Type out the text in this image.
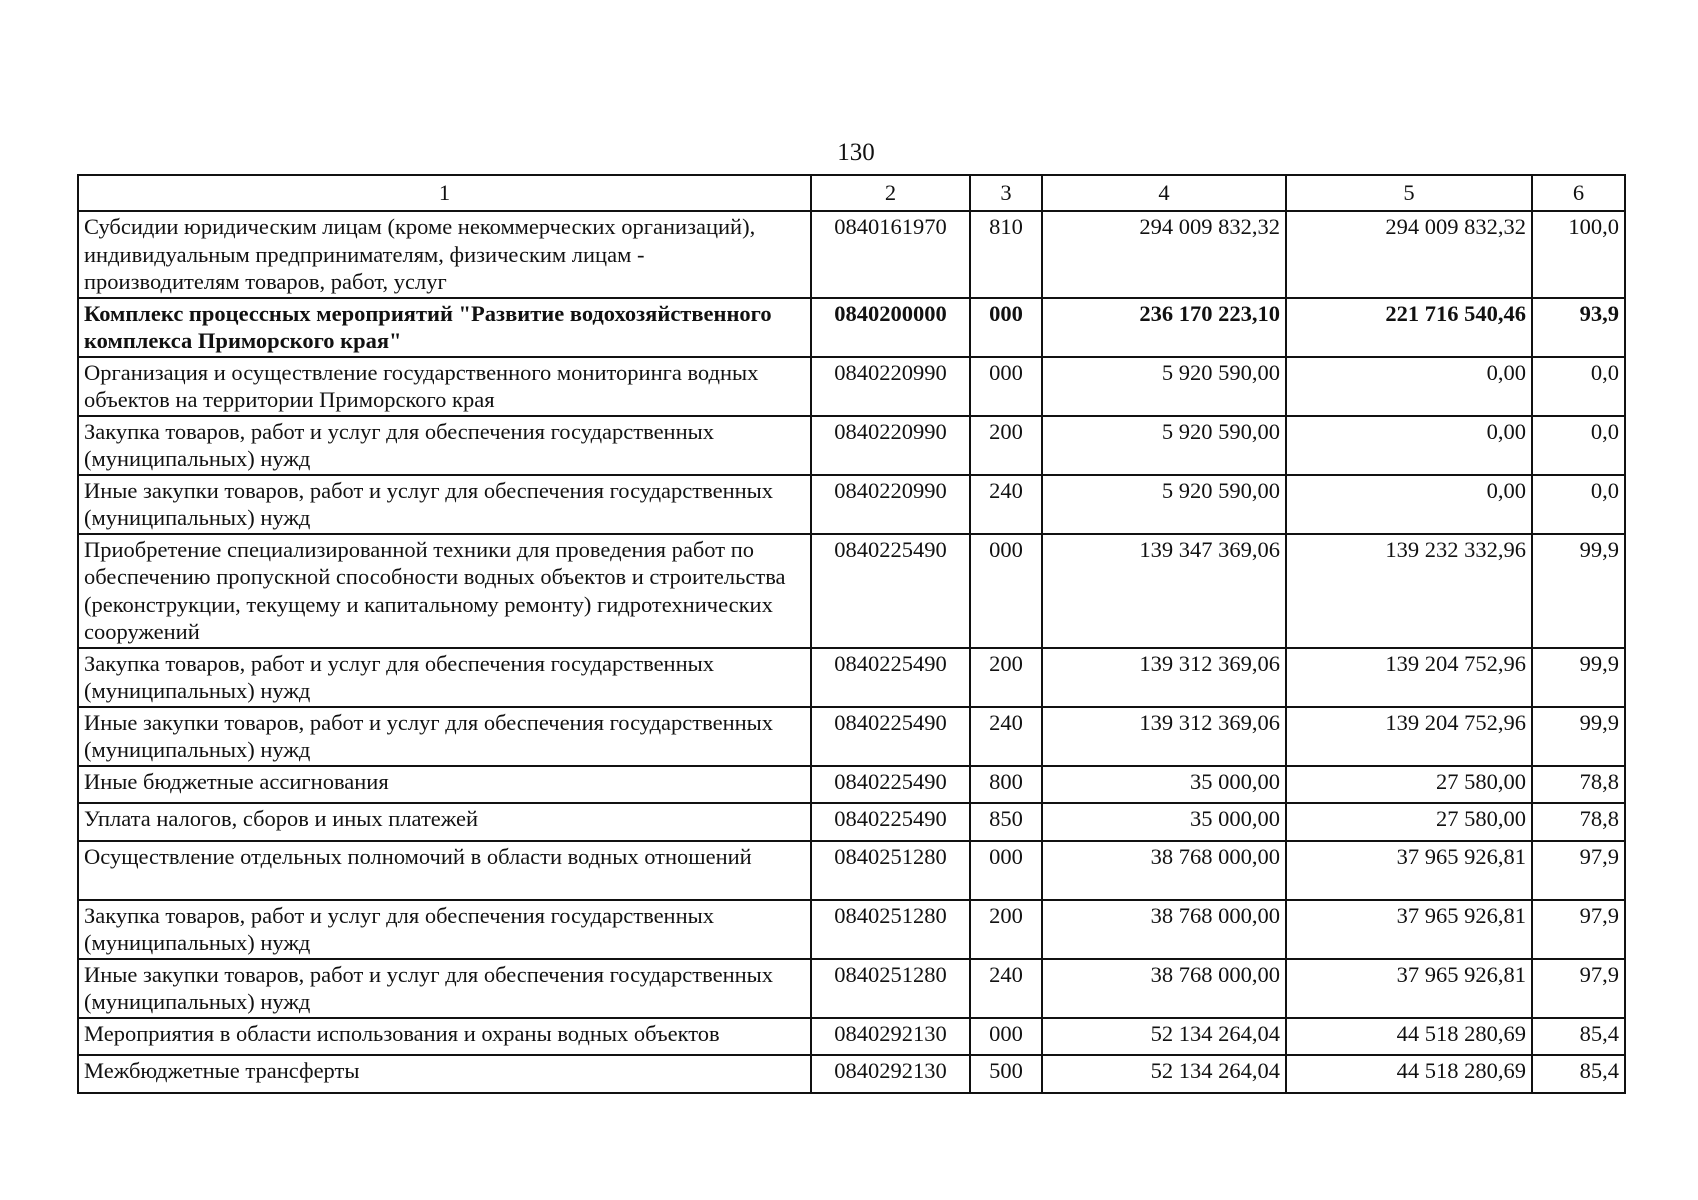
130
1	2	3	4	5	6
Субсидии юридическим лицам (кроме некоммерческих организаций), индивидуальным предпринимателям, физическим лицам - производителям товаров, работ, услуг	0840161970	810	294 009 832,32	294 009 832,32	100,0
Комплекс процессных мероприятий "Развитие водохозяйственного комплекса Приморского края"	0840200000	000	236 170 223,10	221 716 540,46	93,9
Организация и осуществление государственного мониторинга водных объектов на территории Приморского края	0840220990	000	5 920 590,00	0,00	0,0
Закупка товаров, работ и услуг для обеспечения государственных (муниципальных) нужд	0840220990	200	5 920 590,00	0,00	0,0
Иные закупки товаров, работ и услуг для обеспечения государственных (муниципальных) нужд	0840220990	240	5 920 590,00	0,00	0,0
Приобретение специализированной техники для проведения работ по обеспечению пропускной способности водных объектов и строительства (реконструкции, текущему и капитальному ремонту) гидротехнических сооружений	0840225490	000	139 347 369,06	139 232 332,96	99,9
Закупка товаров, работ и услуг для обеспечения государственных (муниципальных) нужд	0840225490	200	139 312 369,06	139 204 752,96	99,9
Иные закупки товаров, работ и услуг для обеспечения государственных (муниципальных) нужд	0840225490	240	139 312 369,06	139 204 752,96	99,9
Иные бюджетные ассигнования	0840225490	800	35 000,00	27 580,00	78,8
Уплата налогов, сборов и иных платежей	0840225490	850	35 000,00	27 580,00	78,8
Осуществление отдельных полномочий в области водных отношений	0840251280	000	38 768 000,00	37 965 926,81	97,9
Закупка товаров, работ и услуг для обеспечения государственных (муниципальных) нужд	0840251280	200	38 768 000,00	37 965 926,81	97,9
Иные закупки товаров, работ и услуг для обеспечения государственных (муниципальных) нужд	0840251280	240	38 768 000,00	37 965 926,81	97,9
Мероприятия в области использования и охраны водных объектов	0840292130	000	52 134 264,04	44 518 280,69	85,4
Межбюджетные трансферты	0840292130	500	52 134 264,04	44 518 280,69	85,4
